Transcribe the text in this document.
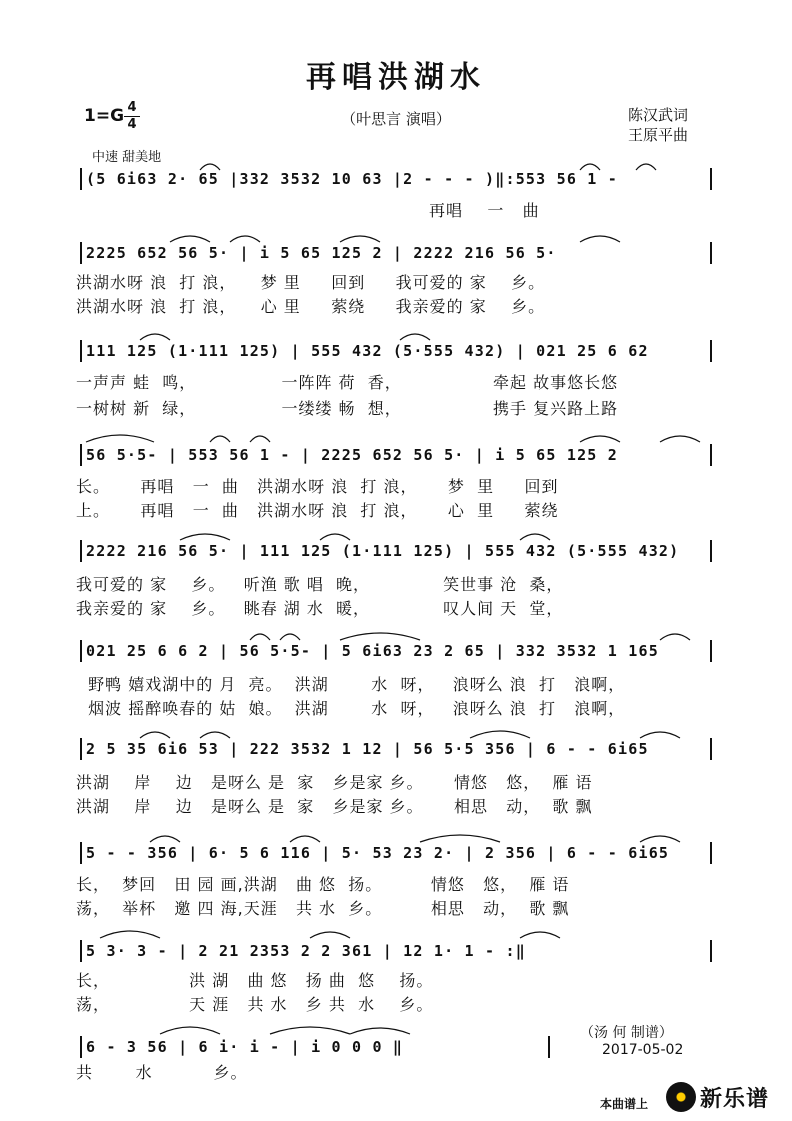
再唱洪湖水
1=G 4
4	（叶思言 演唱）	陈汉武词
王原平曲
中速 甜美地
(5 6i63 2· 65 |332 3532 10 63 |2 - - - )‖:553 56 1 -
再唱    一   曲
2225 652 56 5· | i 5 65 125 2 | 2222 216 56 5·
洪湖水呀 浪  打 浪，    梦 里     回到     我可爱的 家    乡。
洪湖水呀 浪  打 浪，    心 里     萦绕     我亲爱的 家    乡。
111 125 (1·111 125) | 555 432 (5·555 432) | 021 25 6 62
一声声 蛙  鸣，              一阵阵 荷  香，               牵起 故事悠长悠
一树树 新  绿，              一缕缕 畅  想，               携手 复兴路上路
56 5·5- | 553 56 1 - | 2225 652 56 5· | i 5 65 125 2
长。     再唱   一  曲   洪湖水呀 浪  打 浪，     梦  里     回到
上。     再唱   一  曲   洪湖水呀 浪  打 浪，     心  里     萦绕
2222 216 56 5· | 111 125 (1·111 125) | 555 432 (5·555 432)
我可爱的 家    乡。   听渔 歌 唱  晚，            笑世事 沧  桑，
我亲爱的 家    乡。   眺春 湖 水  暖，            叹人间 天  堂，
021 25 6 6 2 | 56 5·5- | 5 6i63 23 2 65 | 332 3532 1 165
野鸭 嬉戏湖中的 月  亮。  洪湖       水  呀，   浪呀么 浪  打   浪啊，
烟波 摇醉唤春的 姑  娘。  洪湖       水  呀，   浪呀么 浪  打   浪啊，
2 5 35 6i6 53 | 222 3532 1 12 | 56 5·5 356 | 6 - - 6i65
洪湖    岸    边   是呀么 是  家   乡是家 乡。     情悠   悠，  雁 语
洪湖    岸    边   是呀么 是  家   乡是家 乡。     相思   动，  歌 飘
5 - - 356 | 6· 5 6 116 | 5· 53 23 2· | 2 356 | 6 - - 6i65
长，  梦回   田 园 画,洪湖   曲 悠  扬。        情悠   悠，  雁 语
荡，  举杯   邀 四 海,天涯   共 水  乡。        相思   动，  歌 飘
5 3· 3 - | 2 21 2353 2 2 361 | 12 1· 1 - :‖
长，             洪 湖   曲 悠   扬 曲  悠    扬。
荡，             天 涯   共 水   乡 共  水    乡。
6 - 3 56 | 6 i· i - | i 0 0 0 ‖
共       水          乡。
（汤 何 制谱）
2017-05-02
本曲谱上 新乐谱
